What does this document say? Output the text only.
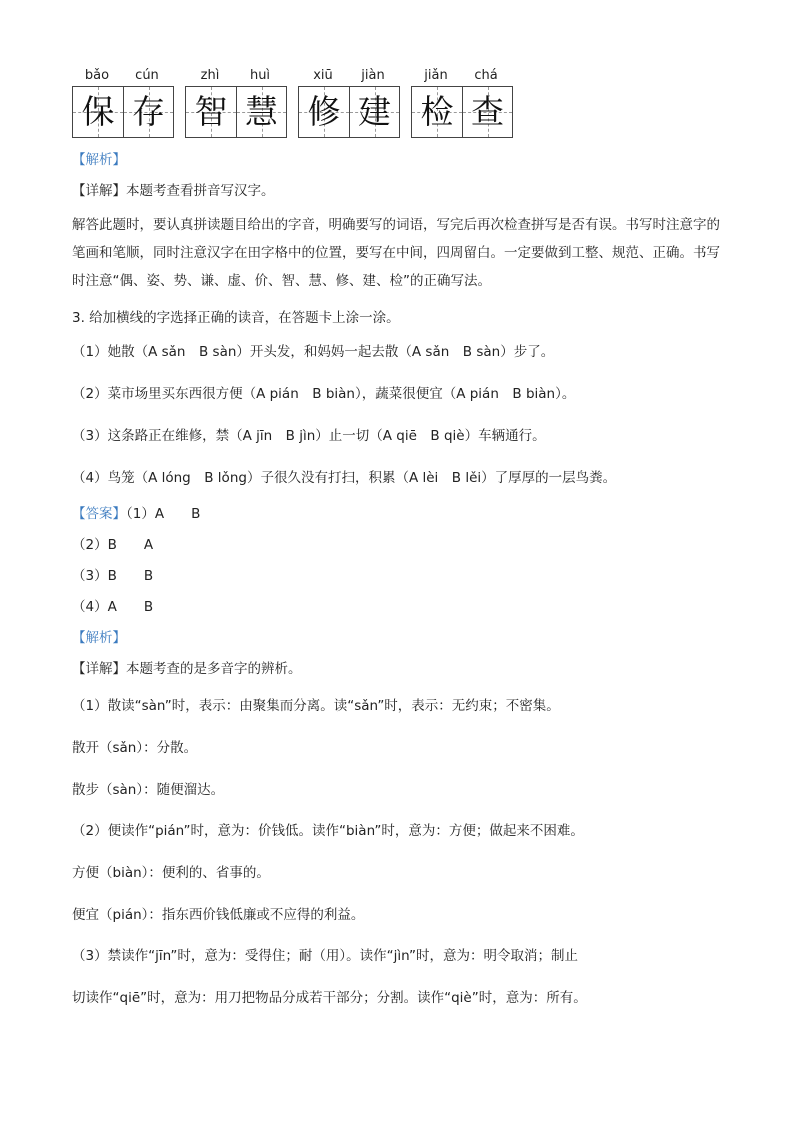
bǎo	cún	zhì	huì	xiū	jiàn	jiǎn	chá
保 存 智 慧 修 建 检 查
【解析】
【详解】本题考查看拼音写汉字。
解答此题时，要认真拼读题目给出的字音，明确要写的词语，写完后再次检查拼写是否有误。书写时注意字的笔画和笔顺，同时注意汉字在田字格中的位置，要写在中间，四周留白。一定要做到工整、规范、正确。书写时注意“偶、姿、势、谦、虚、价、智、慧、修、建、检”的正确写法。
3. 给加横线的字选择正确的读音，在答题卡上涂一涂。
（1）她散（A sǎn　B sàn）开头发，和妈妈一起去散（A sǎn　B sàn）步了。
（2）菜市场里买东西很方便（A pián　B biàn），蔬菜很便宜（A pián　B biàn）。
（3）这条路正在维修，禁（A jīn　B jìn）止一切（A qiē　B qiè）车辆通行。
（4）鸟笼（A lóng　B lǒng）子很久没有打扫，积累（A lèi　B lěi）了厚厚的一层鸟粪。
【答案】（1）A　　B
（2）B　　A
（3）B　　B
（4）A　　B
【解析】
【详解】本题考查的是多音字的辨析。
（1）散读“sàn”时，表示：由聚集而分离。读“sǎn”时，表示：无约束；不密集。
散开（sǎn）：分散。
散步（sàn）：随便溜达。
（2）便读作“pián”时，意为：价钱低。读作“biàn”时，意为：方便；做起来不困难。
方便（biàn）：便利的、省事的。
便宜（pián）：指东西价钱低廉或不应得的利益。
（3）禁读作“jīn”时，意为：受得住；耐（用）。读作“jìn”时，意为：明令取消；制止
切读作“qiē”时，意为：用刀把物品分成若干部分；分割。读作“qiè”时，意为：所有。
